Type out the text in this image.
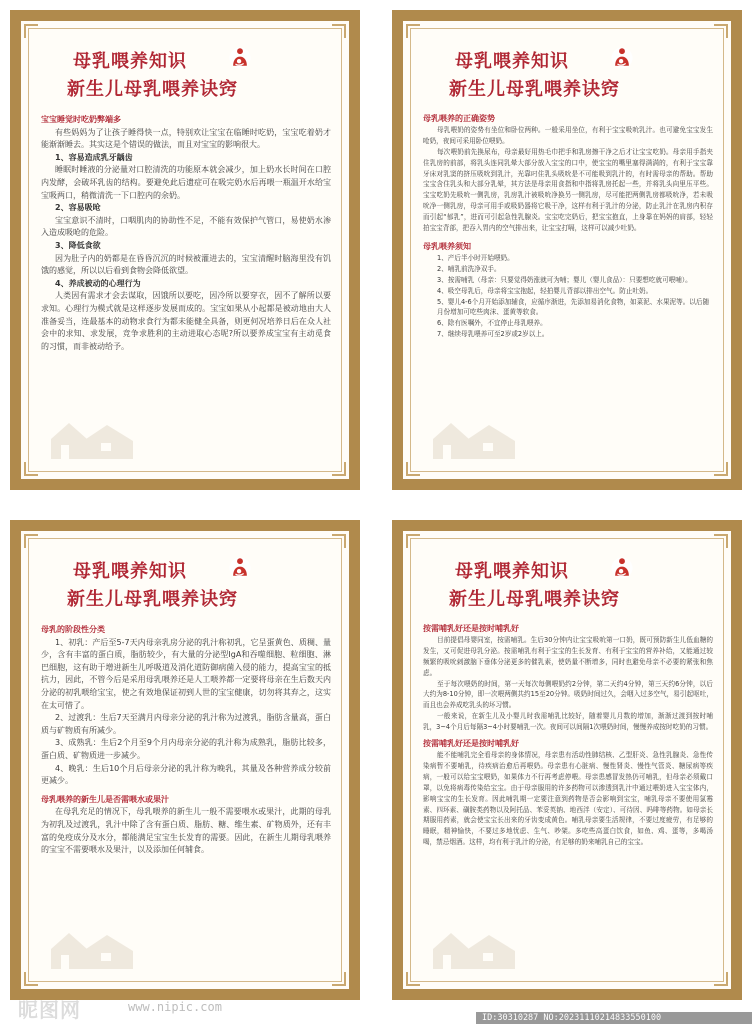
母乳喂养知识
新生儿母乳喂养诀窍
宝宝睡觉时吃奶弊端多
有些妈妈为了让孩子睡得快一点，特别欢让宝宝在临睡时吃奶，宝宝吃着奶才能渐渐睡去。其实这是个错误的做法，而且对宝宝的影响很大。
1、容易造成乳牙龋齿
睡眠时睡液的分泌量对口腔清洗的功能原本就会减少，加上奶水长时间在口腔内发酵，会破坏乳齿的结构。要避免此后遗症可在吸完奶水后再喂一瓶温开水给宝宝吸两口，稍微清洗一下口腔内的余奶。
2、容易吸呛
宝宝意识不清时，口咽肌肉的协助性不足，不能有效保护气管口，易使奶水渗入造成吸呛的危险。
3、降低食欲
因为肚子内的奶都是在昏昏沉沉的时候被灌进去的，宝宝清醒时脑海里没有饥饿的感觉，所以以后看到食物会降低欲望。
4、养成被动的心理行为
人类因有需求才会去谋取，因饿所以要吃，因冷所以要穿衣，因不了解所以要求知。心理行为模式就是这样逐步发展而成的。宝宝如果从小起都是被动地由大人准备妥当，连最基本的动物求食行为都未能健全具备，则更何况培养日后在众人社会中的求知、求发展，竞争求胜利的主动进取心态呢?所以要养成宝宝有主动觅食的习惯，而非被动给予。
母乳喂养知识
新生儿母乳喂养诀窍
母乳喂养的正确姿势
母乳喂奶的姿势有坐位和卧位两种。一般采用坐位，有利于宝宝吸吮乳汁。也可避免宝宝发生呛奶，夜间可采用卧位喂奶。
每次喂奶前先换尿布，母亲最好用热毛巾把手和乳房擦干净之后才让宝宝吃奶。母亲用手指夹住乳房的前部，将乳头连同乳晕大部分放入宝宝的口中，使宝宝的嘴里塞得满满的，有利于宝宝靠牙床对乳窦的挤压吸吮到乳汁，光靠叼住乳头吸吮是不可能吸到乳汁的，有时需母亲的帮助。帮助宝宝含住乳头和大部分乳晕，其方法是母亲用食指和中指将乳房托起一些，并将乳头向里压平些。宝宝吃奶先吸吮一侧乳房，乳房乳汁被吸吮净换另一侧乳房，尽可能把两侧乳房都吸吮净，若未吸吮净一侧乳房，母亲可用手或吸奶器将它吸干净，这样有利于乳汁的分泌，防止乳汁在乳房内积存而引起“郁乳”，进而可引起急性乳腺炎。宝宝吃完奶后，把宝宝抱直，上身靠在妈妈的肩部，轻轻拍宝宝背部，把吞入胃内的空气排出来，让宝宝打嗝，这样可以减少吐奶。
母乳喂养须知
1、产后半小时开始喂奶。
2、哺乳前洗净双手。
3、按需哺乳（母亲：只要觉得奶涨就可为哺；婴儿（婴儿食品）：只要想吃就可喂哺）。
4、吸空母乳后，母亲将宝宝抱起，轻拍婴儿背部以排出空气。防止吐奶。
5、婴儿4-6个月开始添加辅食，应循序渐进，先添加易消化食物，如菜泥、水果泥等。以后随月份增加可吃些肉沫、蛋黄等软食。
6、除有医嘱外，不宜停止母乳喂养。
7、继续母乳喂养可至2岁或2岁以上。
母乳喂养知识
新生儿母乳喂养诀窍
母乳的阶段性分类
1、初乳：产后至5-7天内母亲乳房分泌的乳汁称初乳，它呈蛋黄色、质稠、量少，含有丰富的蛋白质，脂肪较少，有大量的分泌型IgA和吞噬细胞、粒细胞、淋巴细胞，这有助于增进新生儿呼吸道及消化道防御病菌入侵的能力，提高宝宝的抵抗力，因此，不管今后是采用母乳喂养还是人工喂养都一定要将母亲在生后数天内分泌的初乳喂给宝宝，使之有效地保证初到人世的宝宝健康，切勿将其弃之，这实在太可惜了。
2、过渡乳：生后7天至满月内母亲分泌的乳汁称为过渡乳，脂肪含量高，蛋白质与矿物质有所减少。
3、成熟乳：生后2个月至9个月内母亲分泌的乳汁称为成熟乳，脂肪比较多，蛋白质、矿物质进一步减少。
4、晚乳：生后10个月后母亲分泌的乳汁称为晚乳，其量及各种营养成分较前更减少。
母乳喂养的新生儿是否需喂水或果汁
在母乳充足的情况下，母乳喂养的新生儿一般不需要喂水或果汁，此期的母乳为初乳及过渡乳，乳汁中除了含有蛋白质、脂肪、糖、维生素、矿物质外，还有丰富的免疫成分及水分，都能满足宝宝生长发育的需要。因此，在新生儿期母乳喂养的宝宝不需要喂水及果汁，以及添加任何辅食。
母乳喂养知识
新生儿母乳喂养诀窍
按需哺乳好还是按时哺乳好
目前提倡母婴同室，按需哺乳。生后30分钟内让宝宝吸吮第一口奶，既可预防新生儿低血糖的发生，又可促进母乳分泌。按需哺乳有利于宝宝的生长发育、有利于宝宝的营养补给，又能通过较频繁的吸吮刺激脑下垂体分泌更多的催乳素，使奶量不断增多，同时也避免母亲不必要的紧张和焦虑。
至于每次喂奶的时间，第一天每次每侧喂奶约2分钟，第二天约4分钟，第三天约6分钟，以后大约为8-10分钟，即一次喂两侧共约15至20分钟。吸奶时间过久，会咽入过多空气，易引起呕吐，而且也会养成吃乳头的坏习惯。
一般来说，在新生儿及小婴儿时我需哺乳比较好，随着婴儿月数的增加，渐渐过渡到按时哺乳，3~4个月后每隔3~4小时要哺乳一次。夜间可以间隔1次喂奶时间，慢慢养成按时吃奶的习惯。
按需哺乳好还是按时哺乳好
能不能哺乳完全看母亲的身体情况，母亲患有活动性肺结核、乙型肝炎、急性乳腺炎、急性传染病暂不要哺乳，待疾病治愈后再喂奶。母亲患有心脏病、慢性肾炎、慢性气管炎、糖尿病等疾病，一般可以给宝宝喂奶，如果体力不行再考虑停喂。母亲患感冒发热仍可哺乳，但母亲必须戴口罩，以免将病毒传染给宝宝。由于母亲服用的许多药物可以渗透到乳汁中通过喂奶进入宝宝体内，影响宝宝的生长发育。因此哺乳期一定要注意到药物是否会影响到宝宝，哺乳母亲不要使用氯霉素、四环素、磺胺类药物以及阿托品、苯妥英钠、地西泮（安定）、可待因、吗啡等药物。如母亲长期服用药素，就会使宝宝长出来的牙齿变成黄色。哺乳母亲要生活规律，不要过度疲劳，有足够的睡眠，精神愉快，不要过多地忧虑、生气、吵架。多吃些高蛋白饮食，如鱼、鸡、蛋等，多喝汤喝，禁忌烟酒。这样，均有利于乳汁的分泌，有足够的奶来哺乳自己的宝宝。
昵图网	www.nipic.com
ID:30310287 NO:20231110214833550100
